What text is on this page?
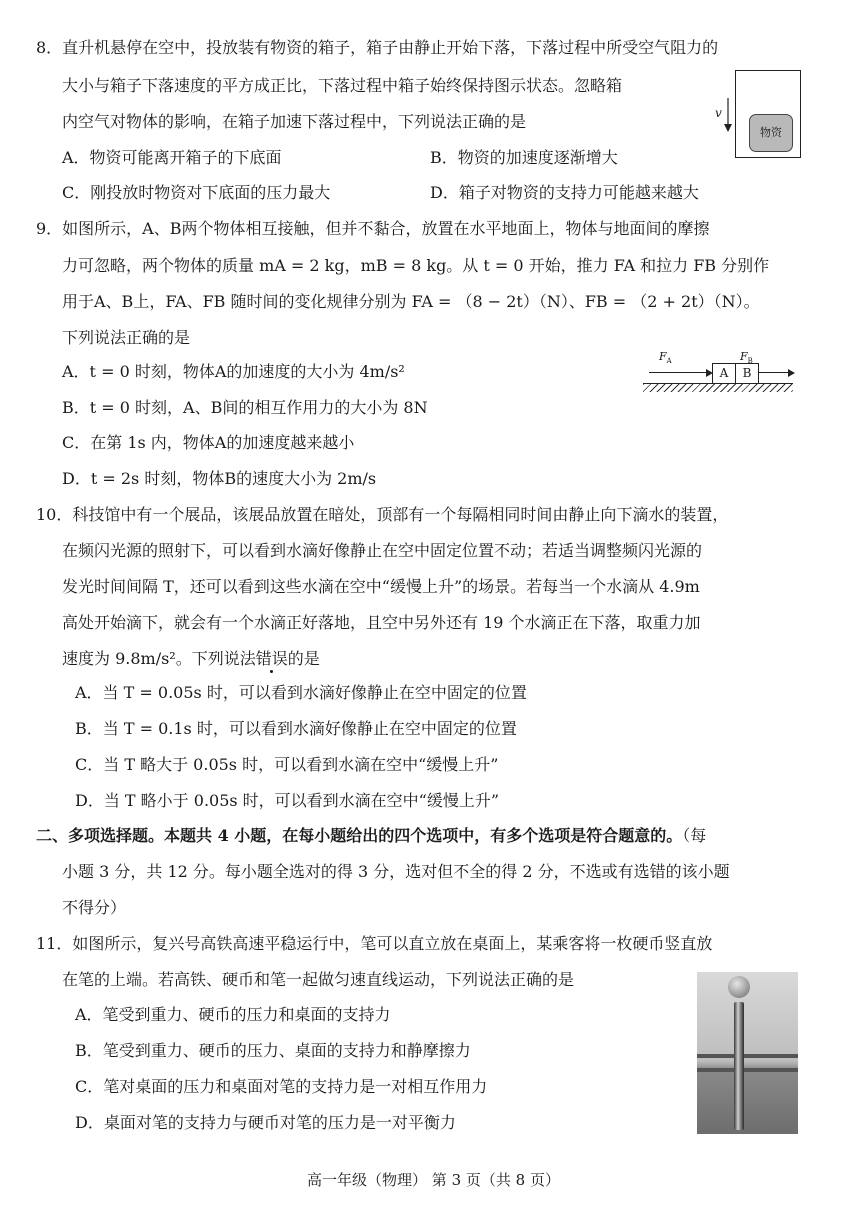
8．直升机悬停在空中，投放装有物资的箱子，箱子由静止开始下落，下落过程中所受空气阻力的
大小与箱子下落速度的平方成正比，下落过程中箱子始终保持图示状态。忽略箱
内空气对物体的影响，在箱子加速下落过程中，下列说法正确的是
A．物资可能离开箱子的下底面	B．物资的加速度逐渐增大
C．刚投放时物资对下底面的压力最大	D．箱子对物资的支持力可能越来越大
v
物资
9．如图所示，A、B两个物体相互接触，但并不黏合，放置在水平地面上，物体与地面间的摩擦
力可忽略，两个物体的质量 mA = 2 kg，mB = 8 kg。从 t = 0 开始，推力 FA 和拉力 FB 分别作
用于A、B上，FA、FB 随时间的变化规律分别为 FA = （8 − 2t）（N）、FB = （2 + 2t）（N）。
下列说法正确的是
A．t = 0 时刻，物体A的加速度的大小为 4m/s²
B．t = 0 时刻，A、B间的相互作用力的大小为 8N
C．在第 1s 内，物体A的加速度越来越小
D．t = 2s 时刻，物体B的速度大小为 2m/s
$F_A$
A	B
$F_B$
10．科技馆中有一个展品，该展品放置在暗处，顶部有一个每隔相同时间由静止向下滴水的装置，
在频闪光源的照射下，可以看到水滴好像静止在空中固定位置不动；若适当调整频闪光源的
发光时间间隔 T，还可以看到这些水滴在空中“缓慢上升”的场景。若每当一个水滴从 4.9m
高处开始滴下，就会有一个水滴正好落地，且空中另外还有 19 个水滴正在下落，取重力加
速度为 9.8m/s²。下列说法错误的是
A．当 T = 0.05s 时，可以看到水滴好像静止在空中固定的位置
B．当 T = 0.1s 时，可以看到水滴好像静止在空中固定的位置
C．当 T 略大于 0.05s 时，可以看到水滴在空中“缓慢上升”
D．当 T 略小于 0.05s 时，可以看到水滴在空中“缓慢上升”
二、多项选择题。本题共 4 小题，在每小题给出的四个选项中，有多个选项是符合题意的。（每
小题 3 分，共 12 分。每小题全选对的得 3 分，选对但不全的得 2 分，不选或有选错的该小题
不得分）
11．如图所示，复兴号高铁高速平稳运行中，笔可以直立放在桌面上，某乘客将一枚硬币竖直放
在笔的上端。若高铁、硬币和笔一起做匀速直线运动，下列说法正确的是
A．笔受到重力、硬币的压力和桌面的支持力
B．笔受到重力、硬币的压力、桌面的支持力和静摩擦力
C．笔对桌面的压力和桌面对笔的支持力是一对相互作用力
D．桌面对笔的支持力与硬币对笔的压力是一对平衡力
高一年级（物理） 第 3 页（共 8 页）
